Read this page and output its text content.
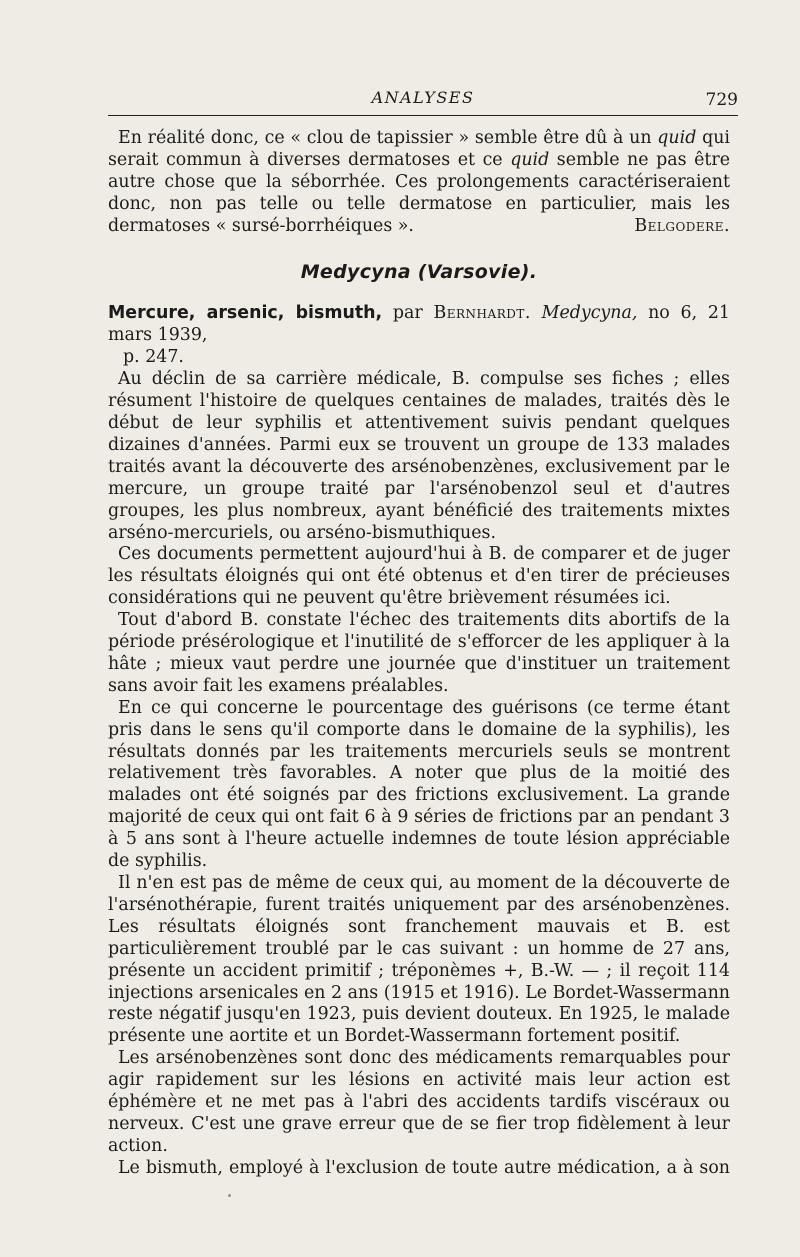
ANALYSES	729

En réalité donc, ce « clou de tapissier » semble être dû à un quid qui serait commun à diverses dermatoses et ce quid semble ne pas être autre chose que la séborrhée. Ces prolongements caractériseraient donc, non pas telle ou telle dermatose en particulier, mais les dermatoses « sursé-borrhéiques ».	Belgodere.

Medycyna (Varsovie).

Mercure, arsenic, bismuth, par Bernhardt. Medycyna, no 6, 21 mars 1939,
p. 247.

Au déclin de sa carrière médicale, B. compulse ses fiches ; elles résument l'histoire de quelques centaines de malades, traités dès le début de leur syphilis et attentivement suivis pendant quelques dizaines d'années. Parmi eux se trouvent un groupe de 133 malades traités avant la découverte des arsénobenzènes, exclusivement par le mercure, un groupe traité par l'arsénobenzol seul et d'autres groupes, les plus nombreux, ayant bénéficié des traitements mixtes arséno-mercuriels, ou arséno-bismuthiques.

Ces documents permettent aujourd'hui à B. de comparer et de juger les résultats éloignés qui ont été obtenus et d'en tirer de précieuses considérations qui ne peuvent qu'être brièvement résumées ici.

Tout d'abord B. constate l'échec des traitements dits abortifs de la période présérologique et l'inutilité de s'efforcer de les appliquer à la hâte ; mieux vaut perdre une journée que d'instituer un traitement sans avoir fait les examens préalables.

En ce qui concerne le pourcentage des guérisons (ce terme étant pris dans le sens qu'il comporte dans le domaine de la syphilis), les résultats donnés par les traitements mercuriels seuls se montrent relativement très favorables. A noter que plus de la moitié des malades ont été soignés par des frictions exclusivement. La grande majorité de ceux qui ont fait 6 à 9 séries de frictions par an pendant 3 à 5 ans sont à l'heure actuelle indemnes de toute lésion appréciable de syphilis.

Il n'en est pas de même de ceux qui, au moment de la découverte de l'arsénothérapie, furent traités uniquement par des arsénobenzènes. Les résultats éloignés sont franchement mauvais et B. est particulièrement troublé par le cas suivant : un homme de 27 ans, présente un accident primitif ; tréponèmes +, B.-W. — ; il reçoit 114 injections arsenicales en 2 ans (1915 et 1916). Le Bordet-Wassermann reste négatif jusqu'en 1923, puis devient douteux. En 1925, le malade présente une aortite et un Bordet-Wassermann fortement positif.

Les arsénobenzènes sont donc des médicaments remarquables pour agir rapidement sur les lésions en activité mais leur action est éphémère et ne met pas à l'abri des accidents tardifs viscéraux ou nerveux. C'est une grave erreur que de se fier trop fidèlement à leur action.

Le bismuth, employé à l'exclusion de toute autre médication, a à son
